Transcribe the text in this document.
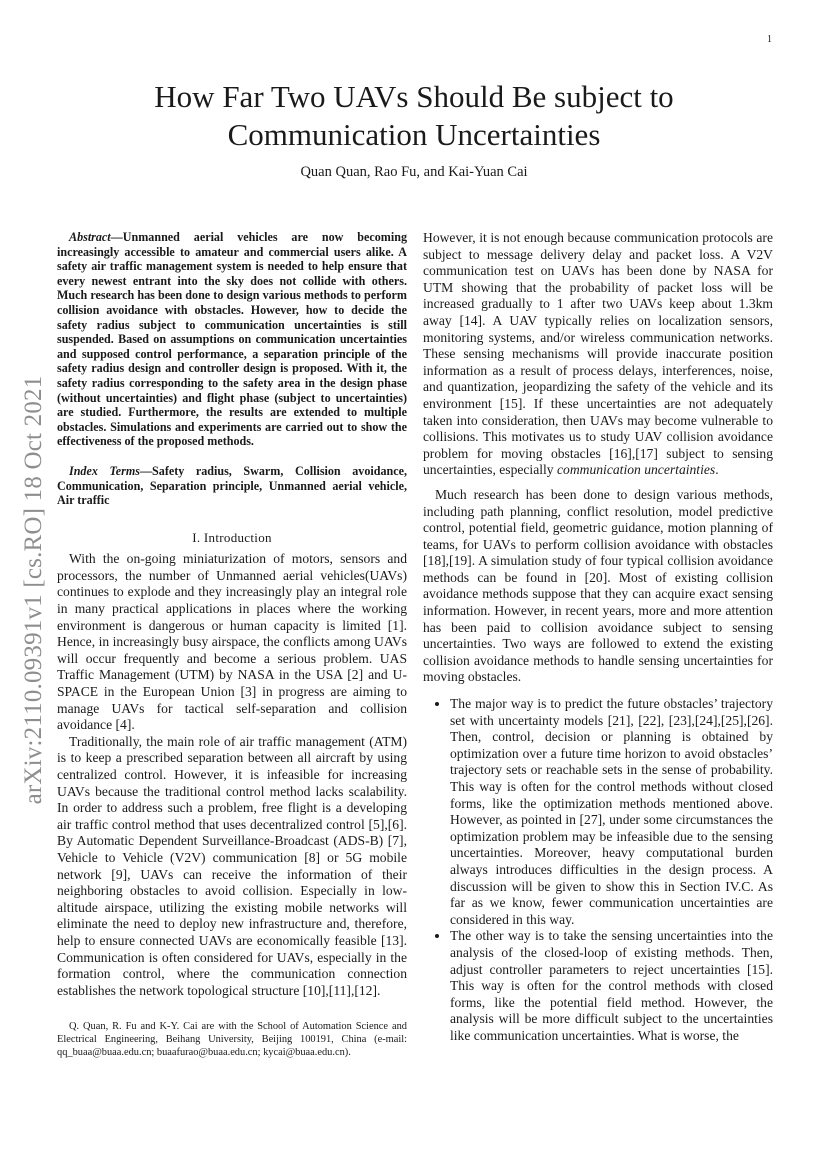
1
arXiv:2110.09391v1 [cs.RO] 18 Oct 2021
How Far Two UAVs Should Be subject to
Communication Uncertainties
Quan Quan, Rao Fu, and Kai-Yuan Cai

Abstract—Unmanned aerial vehicles are now becoming increasingly accessible to amateur and commercial users alike. A safety air traffic management system is needed to help ensure that every newest entrant into the sky does not collide with others. Much research has been done to design various methods to perform collision avoidance with obstacles. However, how to decide the safety radius subject to communication uncertainties is still suspended. Based on assumptions on communication uncertainties and supposed control performance, a separation principle of the safety radius design and controller design is proposed. With it, the safety radius corresponding to the safety area in the design phase (without uncertainties) and flight phase (subject to uncertainties) are studied. Furthermore, the results are extended to multiple obstacles. Simulations and experiments are carried out to show the effectiveness of the proposed methods.

Index Terms—Safety radius, Swarm, Collision avoidance, Communication, Separation principle, Unmanned aerial vehicle, Air traffic

I. Introduction

With the on-going miniaturization of motors, sensors and processors, the number of Unmanned aerial vehicles(UAVs) continues to explode and they increasingly play an integral role in many practical applications in places where the working environment is dangerous or human capacity is limited [1]. Hence, in increasingly busy airspace, the conflicts among UAVs will occur frequently and become a serious problem. UAS Traffic Management (UTM) by NASA in the USA [2] and U-SPACE in the European Union [3] in progress are aiming to manage UAVs for tactical self-separation and collision avoidance [4].

Traditionally, the main role of air traffic management (ATM) is to keep a prescribed separation between all aircraft by using centralized control. However, it is infeasible for increasing UAVs because the traditional control method lacks scalability. In order to address such a problem, free flight is a developing air traffic control method that uses decentralized control [5],[6]. By Automatic Dependent Surveillance-Broadcast (ADS-B) [7], Vehicle to Vehicle (V2V) communication [8] or 5G mobile network [9], UAVs can receive the information of their neighboring obstacles to avoid collision. Especially in low-altitude airspace, utilizing the existing mobile networks will eliminate the need to deploy new infrastructure and, therefore, help to ensure connected UAVs are economically feasible [13]. Communication is often considered for UAVs, especially in the formation control, where the communication connection establishes the network topological structure [10],[11],[12].

Q. Quan, R. Fu and K-Y. Cai are with the School of Automation Science and Electrical Engineering, Beihang University, Beijing 100191, China (e-mail: qq_buaa@buaa.edu.cn; buaafurao@buaa.edu.cn; kycai@buaa.edu.cn).

However, it is not enough because communication protocols are subject to message delivery delay and packet loss. A V2V communication test on UAVs has been done by NASA for UTM showing that the probability of packet loss will be increased gradually to 1 after two UAVs keep about 1.3km away [14]. A UAV typically relies on localization sensors, monitoring systems, and/or wireless communication networks. These sensing mechanisms will provide inaccurate position information as a result of process delays, interferences, noise, and quantization, jeopardizing the safety of the vehicle and its environment [15]. If these uncertainties are not adequately taken into consideration, then UAVs may become vulnerable to collisions. This motivates us to study UAV collision avoidance problem for moving obstacles [16],[17] subject to sensing uncertainties, especially communication uncertainties.

Much research has been done to design various methods, including path planning, conflict resolution, model predictive control, potential field, geometric guidance, motion planning of teams, for UAVs to perform collision avoidance with obstacles [18],[19]. A simulation study of four typical collision avoidance methods can be found in [20]. Most of existing collision avoidance methods suppose that they can acquire exact sensing information. However, in recent years, more and more attention has been paid to collision avoidance subject to sensing uncertainties. Two ways are followed to extend the existing collision avoidance methods to handle sensing uncertainties for moving obstacles.

• The major way is to predict the future obstacles’ trajectory set with uncertainty models [21], [22], [23],[24],[25],[26]. Then, control, decision or planning is obtained by optimization over a future time horizon to avoid obstacles’ trajectory sets or reachable sets in the sense of probability. This way is often for the control methods without closed forms, like the optimization methods mentioned above. However, as pointed in [27], under some circumstances the optimization problem may be infeasible due to the sensing uncertainties. Moreover, heavy computational burden always introduces difficulties in the design process. A discussion will be given to show this in Section IV.C. As far as we know, fewer communication uncertainties are considered in this way.
• The other way is to take the sensing uncertainties into the analysis of the closed-loop of existing methods. Then, adjust controller parameters to reject uncertainties [15]. This way is often for the control methods with closed forms, like the potential field method. However, the analysis will be more difficult subject to the uncertainties like communication uncertainties. What is worse, the
